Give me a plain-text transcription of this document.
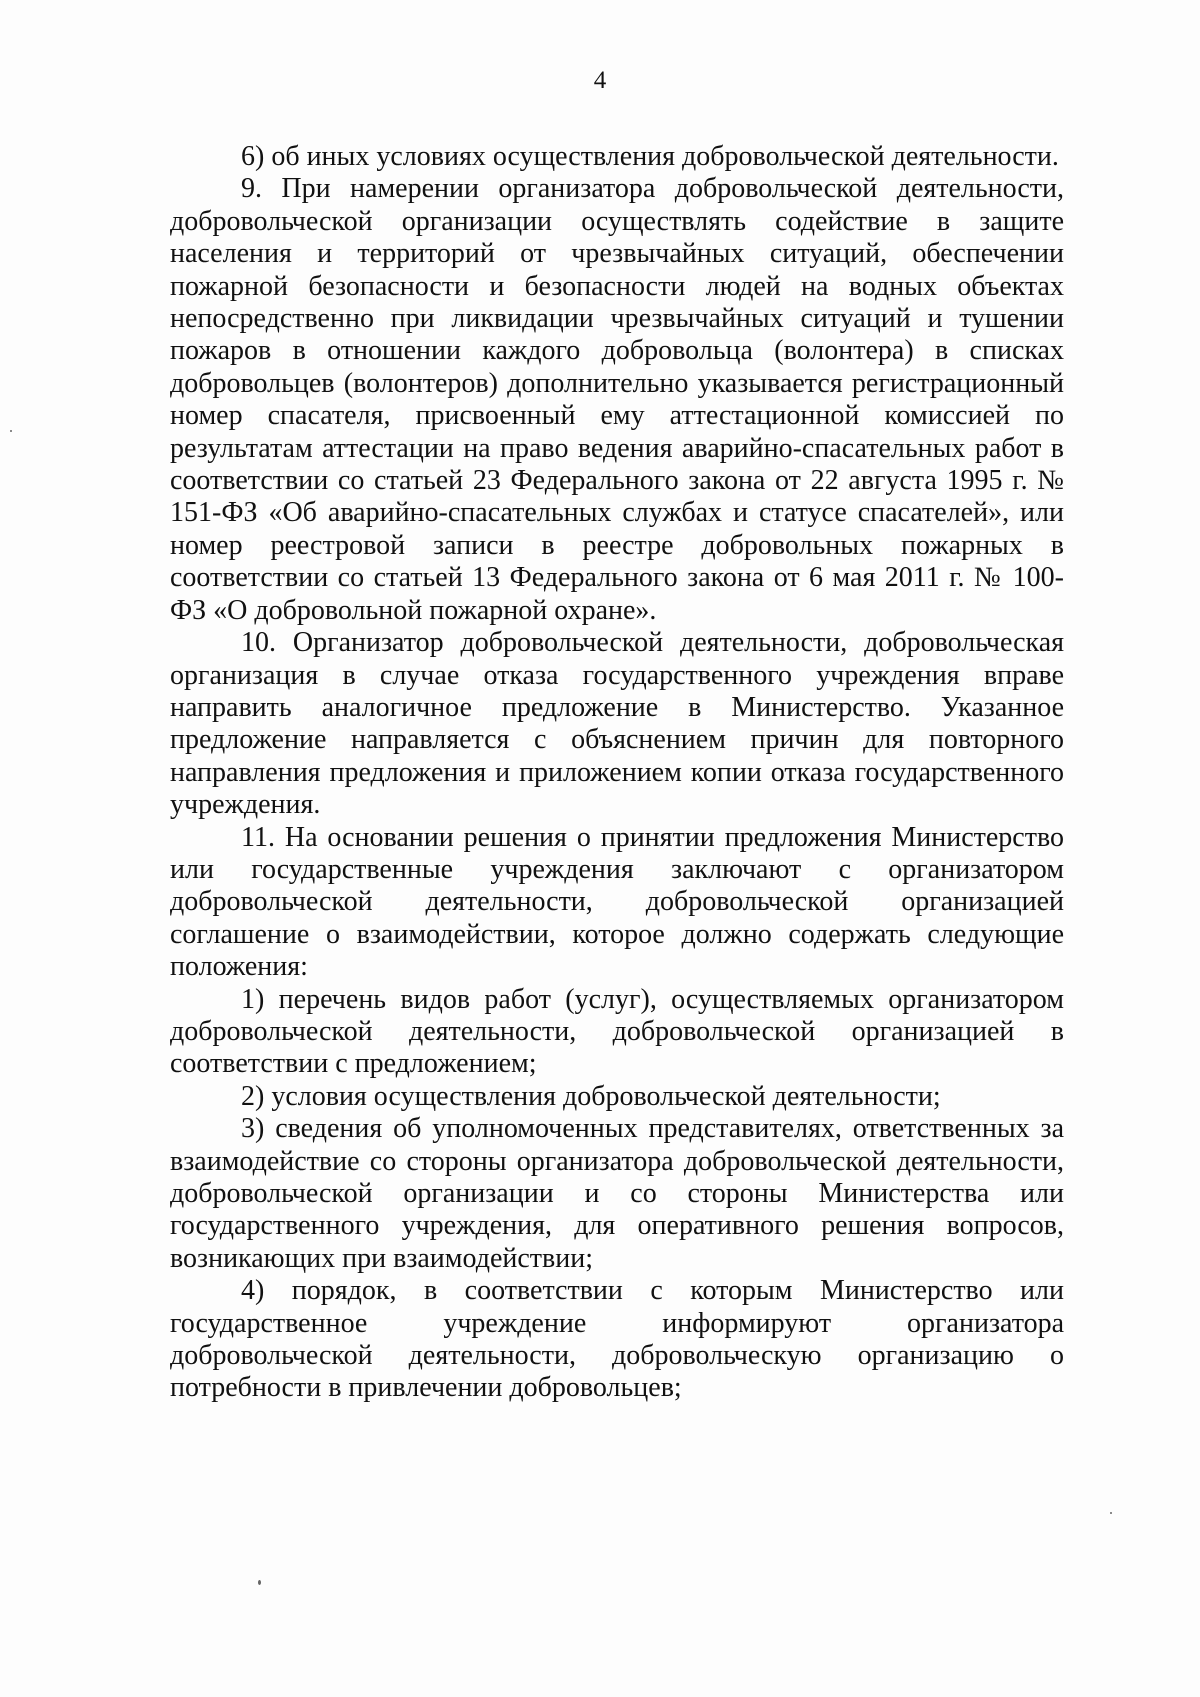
4

6) об иных условиях осуществления добровольческой деятельности.

9. При намерении организатора добровольческой деятельности, добровольческой организации осуществлять содействие в защите населения и территорий от чрезвычайных ситуаций, обеспечении пожарной безопасности и безопасности людей на водных объектах непосредственно при ликвидации чрезвычайных ситуаций и тушении пожаров в отношении каждого добровольца (волонтера) в списках добровольцев (волонтеров) дополнительно указывается регистрационный номер спасателя, присвоенный ему аттестационной комиссией по результатам аттестации на право ведения аварийно-спасательных работ в соответствии со статьей 23 Федерального закона от 22 августа 1995 г. № 151-ФЗ «Об аварийно-спасательных службах и статусе спасателей», или номер реестровой записи в реестре добровольных пожарных в соответствии со статьей 13 Федерального закона от 6 мая 2011 г. № 100-ФЗ «О добровольной пожарной охране».

10. Организатор добровольческой деятельности, добровольческая организация в случае отказа государственного учреждения вправе направить аналогичное предложение в Министерство. Указанное предложение направляется с объяснением причин для повторного направления предложения и приложением копии отказа государственного учреждения.

11. На основании решения о принятии предложения Министерство или государственные учреждения заключают с организатором добровольческой деятельности, добровольческой организацией соглашение о взаимодействии, которое должно содержать следующие положения:

1) перечень видов работ (услуг), осуществляемых организатором добровольческой деятельности, добровольческой организацией в соответствии с предложением;

2) условия осуществления добровольческой деятельности;

3) сведения об уполномоченных представителях, ответственных за взаимодействие со стороны организатора добровольческой деятельности, добровольческой организации и со стороны Министерства или государственного учреждения, для оперативного решения вопросов, возникающих при взаимодействии;

4) порядок, в соответствии с которым Министерство или государственное учреждение информируют организатора добровольческой деятельности, добровольческую организацию о потребности в привлечении добровольцев;
